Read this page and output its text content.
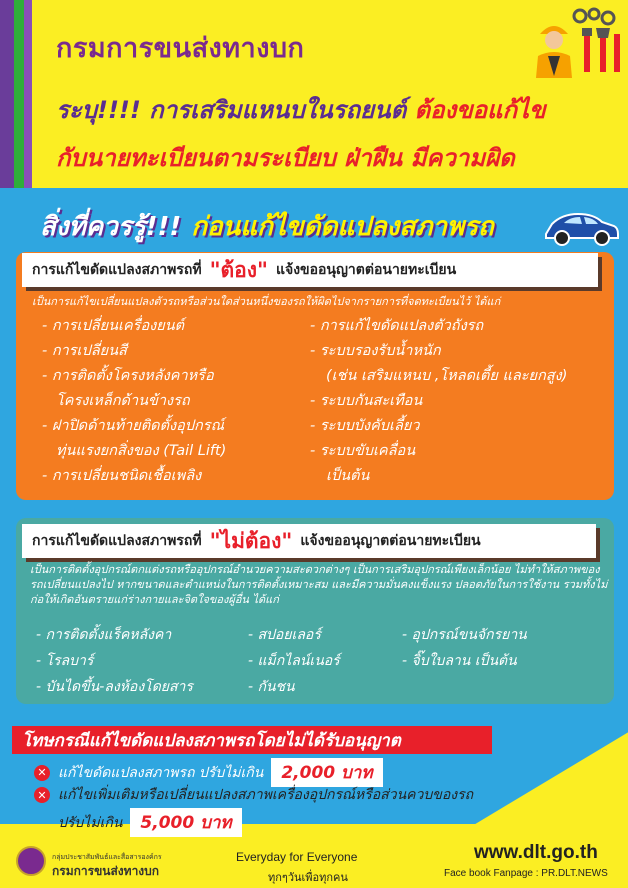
กรมการขนส่งทางบก
ระบุ!!!! การเสริมแหนบในรถยนต์ ต้องขอแก้ไข
กับนายทะเบียนตามระเบียบ ฝ่าฝืน มีความผิด
สิ่งที่ควรรู้!!! ก่อนแก้ไขดัดแปลงสภาพรถ
การแก้ไขดัดแปลงสภาพรถที่ "ต้อง" แจ้งขออนุญาตต่อนายทะเบียน
เป็นการแก้ไขเปลี่ยนแปลงตัวรถหรือส่วนใดส่วนหนึ่งของรถให้ผิดไปจากรายการที่จดทะเบียนไว้ ได้แก่
- การเปลี่ยนเครื่องยนต์
- การเปลี่ยนสี
- การติดตั้งโครงหลังคาหรือ
โครงเหล็กด้านข้างรถ
- ฝาปิดด้านท้ายติดตั้งอุปกรณ์
ทุ่นแรงยกสิ่งของ (Tail Lift)
- การเปลี่ยนชนิดเชื้อเพลิง
- การแก้ไขดัดแปลงตัวถังรถ
- ระบบรองรับน้ำหนัก
(เช่น เสริมแหนบ ,โหลดเตี้ย และยกสูง)
- ระบบกันสะเทือน
- ระบบบังคับเลี้ยว
- ระบบขับเคลื่อน
เป็นต้น
การแก้ไขดัดแปลงสภาพรถที่ "ไม่ต้อง" แจ้งขออนุญาตต่อนายทะเบียน
เป็นการติดตั้งอุปกรณ์ตกแต่งรถหรืออุปกรณ์อำนวยความสะดวกต่างๆ เป็นการเสริมอุปกรณ์เพียงเล็กน้อย ไม่ทำให้สภาพของรถเปลี่ยนแปลงไป หากขนาดและตำแหน่งในการติดตั้งเหมาะสม และมีความมั่นคงแข็งแรง ปลอดภัยในการใช้งาน รวมทั้งไม่ก่อให้เกิดอันตรายแก่ร่างกายและจิตใจของผู้อื่น ได้แก่
- การติดตั้งแร็คหลังคา
- โรลบาร์
- บันไดขึ้น-ลงห้องโดยสาร
- สปอยเลอร์
- แม็กไลน์เนอร์
- กันชน
- อุปกรณ์ขนจักรยาน
- จิ๊บใบลาน เป็นต้น
โทษกรณีแก้ไขดัดแปลงสภาพรถโดยไม่ได้รับอนุญาต
✕ แก้ไขดัดแปลงสภาพรถ ปรับไม่เกิน	2,000 บาท
✕ แก้ไขเพิ่มเติมหรือเปลี่ยนแปลงสภาพเครื่องอุปกรณ์หรือส่วนควบของรถ
ปรับไม่เกิน	5,000 บาท
กลุ่มประชาสัมพันธ์และสื่อสารองค์กร
กรมการขนส่งทางบก
Everyday for Everyone
ทุกๆวันเพื่อทุกคน
www.dlt.go.th
Face book Fanpage : PR.DLT.NEWS
